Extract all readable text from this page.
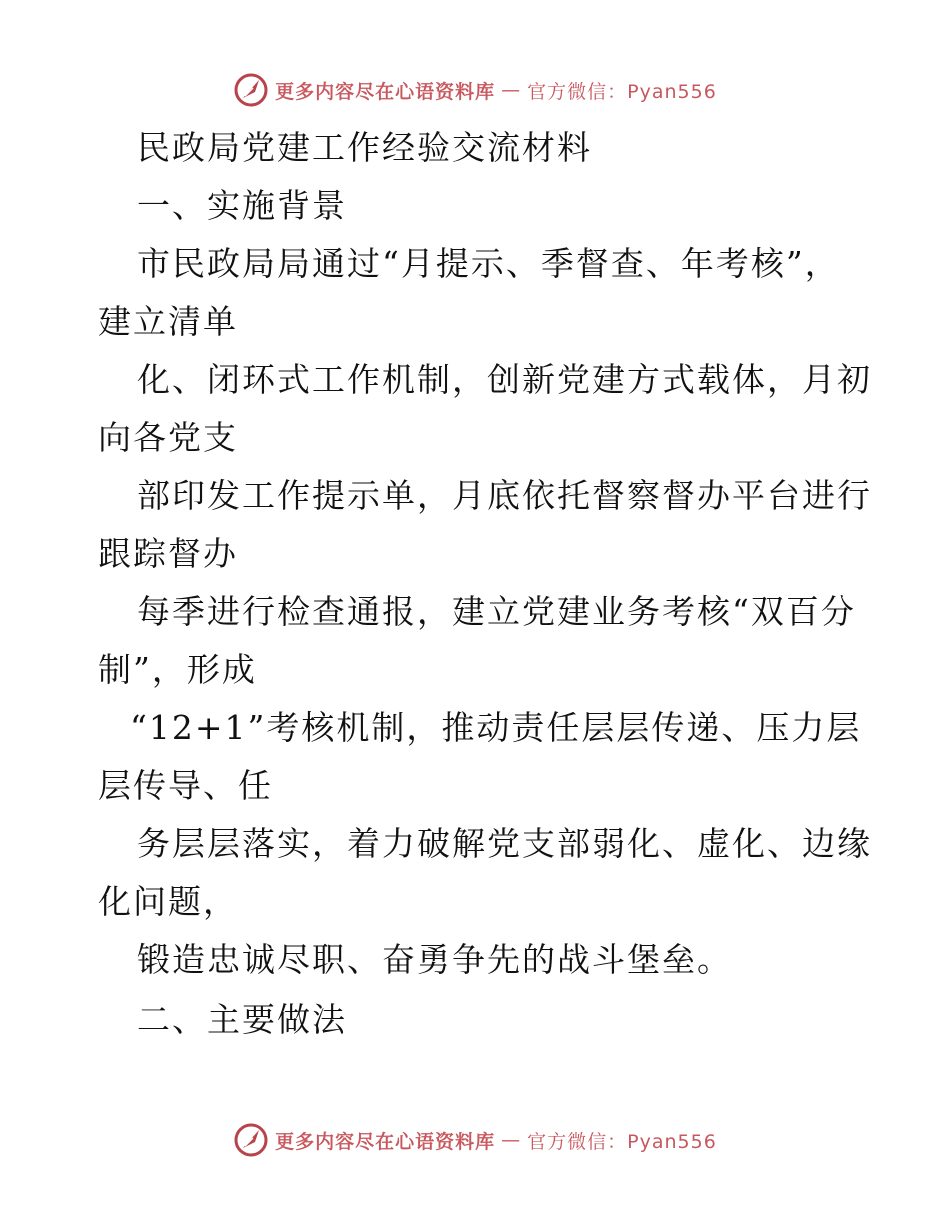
更多内容尽在心语资料库 — 官方微信：Pyan556
民政局党建工作经验交流材料
一、实施背景
市民政局局通过“月提示、季督查、年考核”，
建立清单
化、闭环式工作机制，创新党建方式载体，月初
向各党支
部印发工作提示单，月底依托督察督办平台进行
跟踪督办
每季进行检查通报，建立党建业务考核“双百分
制”，形成
“12+1”考核机制，推动责任层层传递、压力层
层传导、任
务层层落实，着力破解党支部弱化、虚化、边缘
化问题，
锻造忠诚尽职、奋勇争先的战斗堡垒。
二、主要做法
更多内容尽在心语资料库 — 官方微信：Pyan556
